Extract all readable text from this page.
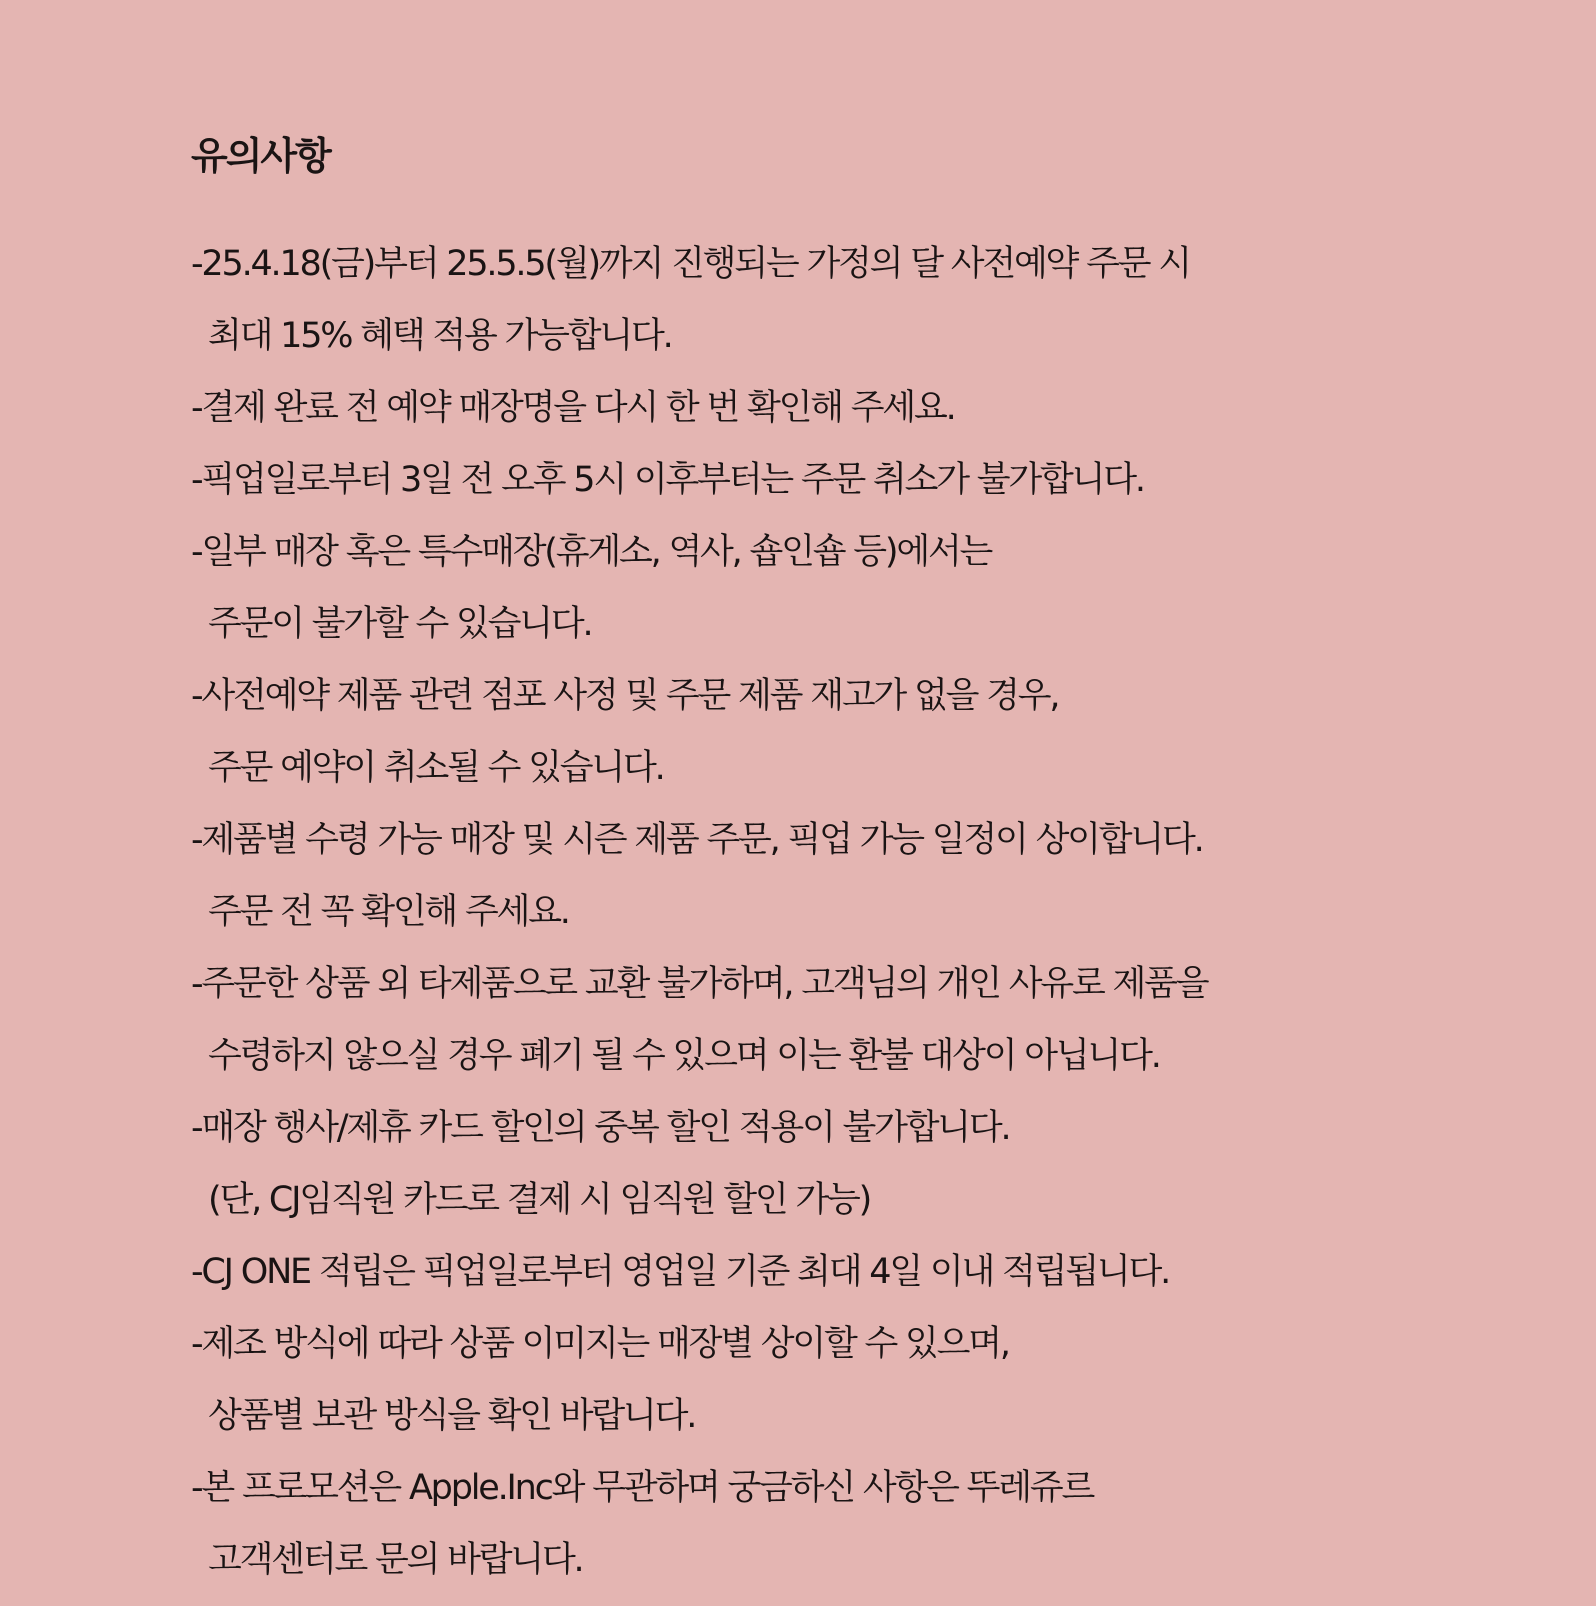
유의사항
-25.4.18(금)부터 25.5.5(월)까지 진행되는 가정의 달 사전예약 주문 시
최대 15% 혜택 적용 가능합니다.
-결제 완료 전 예약 매장명을 다시 한 번 확인해 주세요.
-픽업일로부터 3일 전 오후 5시 이후부터는 주문 취소가 불가합니다.
-일부 매장 혹은 특수매장(휴게소, 역사, 숍인숍 등)에서는
주문이 불가할 수 있습니다.
-사전예약 제품 관련 점포 사정 및 주문 제품 재고가 없을 경우,
주문 예약이 취소될 수 있습니다.
-제품별 수령 가능 매장 및 시즌 제품 주문, 픽업 가능 일정이 상이합니다.
주문 전 꼭 확인해 주세요.
-주문한 상품 외 타제품으로 교환 불가하며, 고객님의 개인 사유로 제품을
수령하지 않으실 경우 폐기 될 수 있으며 이는 환불 대상이 아닙니다.
-매장 행사/제휴 카드 할인의 중복 할인 적용이 불가합니다.
(단, CJ임직원 카드로 결제 시 임직원 할인 가능)
-CJ ONE 적립은 픽업일로부터 영업일 기준 최대 4일 이내 적립됩니다.
-제조 방식에 따라 상품 이미지는 매장별 상이할 수 있으며,
상품별 보관 방식을 확인 바랍니다.
-본 프로모션은 Apple.Inc와 무관하며 궁금하신 사항은 뚜레쥬르
고객센터로 문의 바랍니다.
